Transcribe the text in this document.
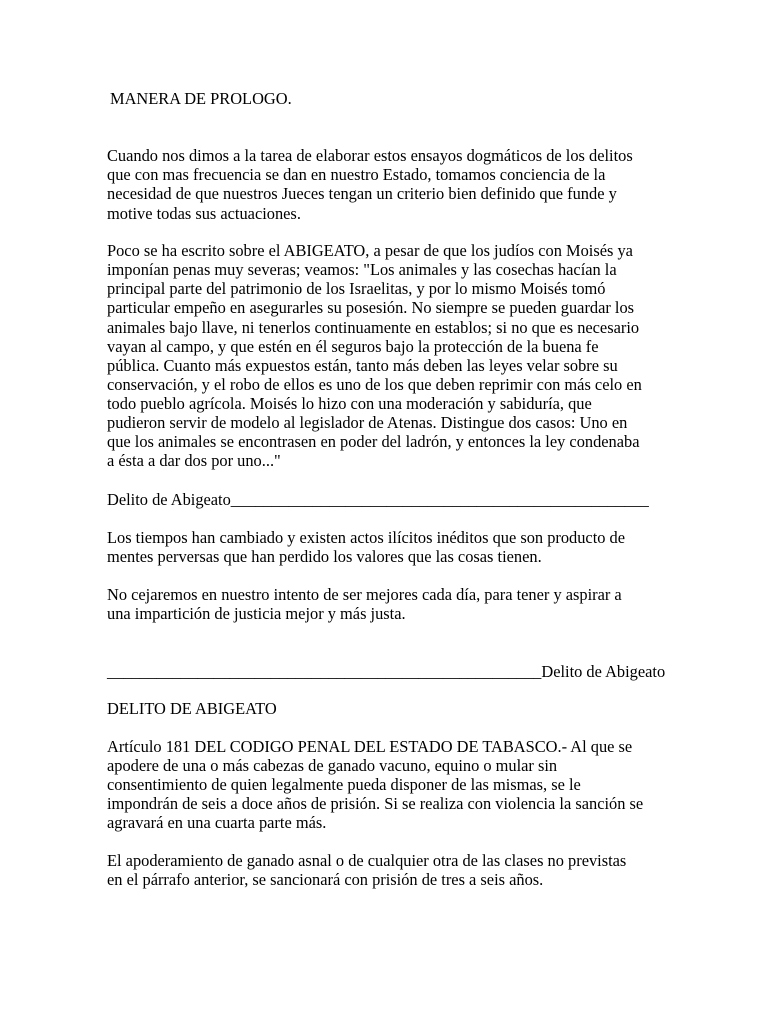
MANERA DE PROLOGO.

Cuando nos dimos a la tarea de elaborar estos ensayos dogmáticos de los delitos

que con mas frecuencia se dan en nuestro Estado, tomamos conciencia de la

necesidad de que nuestros Jueces tengan un criterio bien definido que funde y

motive todas sus actuaciones.

Poco se ha escrito sobre el ABIGEATO, a pesar de que los judíos con Moisés ya

imponían penas muy severas; veamos: "Los animales y las cosechas hacían la

principal parte del patrimonio de los Israelitas, y por lo mismo Moisés tomó

particular empeño en asegurarles su posesión. No siempre se pueden guardar los

animales bajo llave, ni tenerlos continuamente en establos; si no que es necesario

vayan al campo, y que estén en él seguros bajo la protección de la buena fe

pública. Cuanto más expuestos están, tanto más deben las leyes velar sobre su

conservación, y el robo de ellos es uno de los que deben reprimir con más celo en

todo pueblo agrícola. Moisés lo hizo con una moderación y sabiduría, que

pudieron servir de modelo al legislador de Atenas. Distingue dos casos: Uno en

que los animales se encontrasen en poder del ladrón, y entonces la ley condenaba

a ésta a dar dos por uno..."

Delito de Abigeato___________________________________________________

Los tiempos han cambiado y existen actos ilícitos inéditos que son producto de

mentes perversas que han perdido los valores que las cosas tienen.

No cejaremos en nuestro intento de ser mejores cada día, para tener y aspirar a

una impartición de justicia mejor y más justa.

_____________________________________________________Delito de Abigeato

DELITO DE ABIGEATO

Artículo 181 DEL CODIGO PENAL DEL ESTADO DE TABASCO.- Al que se

apodere de una o más cabezas de ganado vacuno, equino o mular sin

consentimiento de quien legalmente pueda disponer de las mismas, se le

impondrán de seis a doce años de prisión. Si se realiza con violencia la sanción se

agravará en una cuarta parte más.

El apoderamiento de ganado asnal o de cualquier otra de las clases no previstas

en el párrafo anterior, se sancionará con prisión de tres a seis años.
